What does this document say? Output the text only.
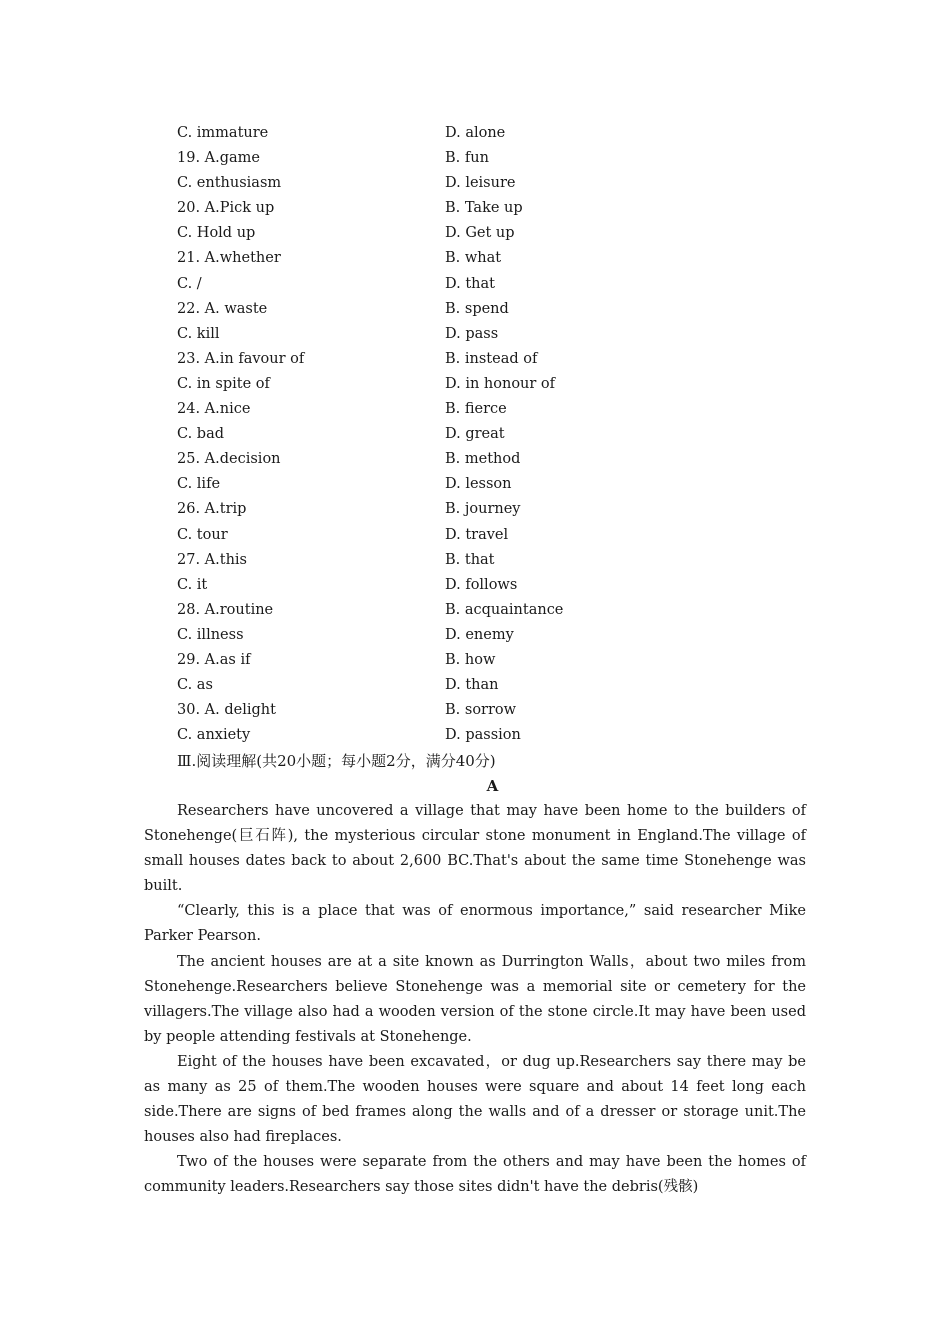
C. immature	D. alone
19. A.game	B. fun
C. enthusiasm	D. leisure
20. A.Pick up	B. Take up
C. Hold up	D. Get up
21. A.whether	B. what
C. /	D. that
22. A. waste	B. spend
C. kill	D. pass
23. A.in favour of	B. instead of
C. in spite of	D. in honour of
24. A.nice	B. fierce
C. bad	D. great
25. A.decision	B. method
C. life	D. lesson
26. A.trip	B. journey
C. tour	D. travel
27. A.this	B. that
C. it	D. follows
28. A.routine	B. acquaintance
C. illness	D. enemy
29. A.as if	B. how
C. as	D. than
30. A. delight	B. sorrow
C. anxiety	D. passion
Ⅲ.阅读理解(共20小题；每小题2分，满分40分)
A

Researchers have uncovered a village that may have been home to the builders of Stonehenge(巨石阵), the mysterious circular stone monument in England.The village of small houses dates back to about 2,600 BC.That's about the same time Stonehenge was built.

“Clearly, this is a place that was of enormous importance,” said researcher Mike Parker Pearson.

The ancient houses are at a site known as Durrington Walls，about two miles from Stonehenge.Researchers believe Stonehenge was a memorial site or cemetery for the villagers.The village also had a wooden version of the stone circle.It may have been used by people attending festivals at Stonehenge.

Eight of the houses have been excavated，or dug up.Researchers say there may be as many as 25 of them.The wooden houses were square and about 14 feet long each side.There are signs of bed frames along the walls and of a dresser or storage unit.The houses also had fireplaces.

Two of the houses were separate from the others and may have been the homes of community leaders.Researchers say those sites didn't have the debris(残骸)
